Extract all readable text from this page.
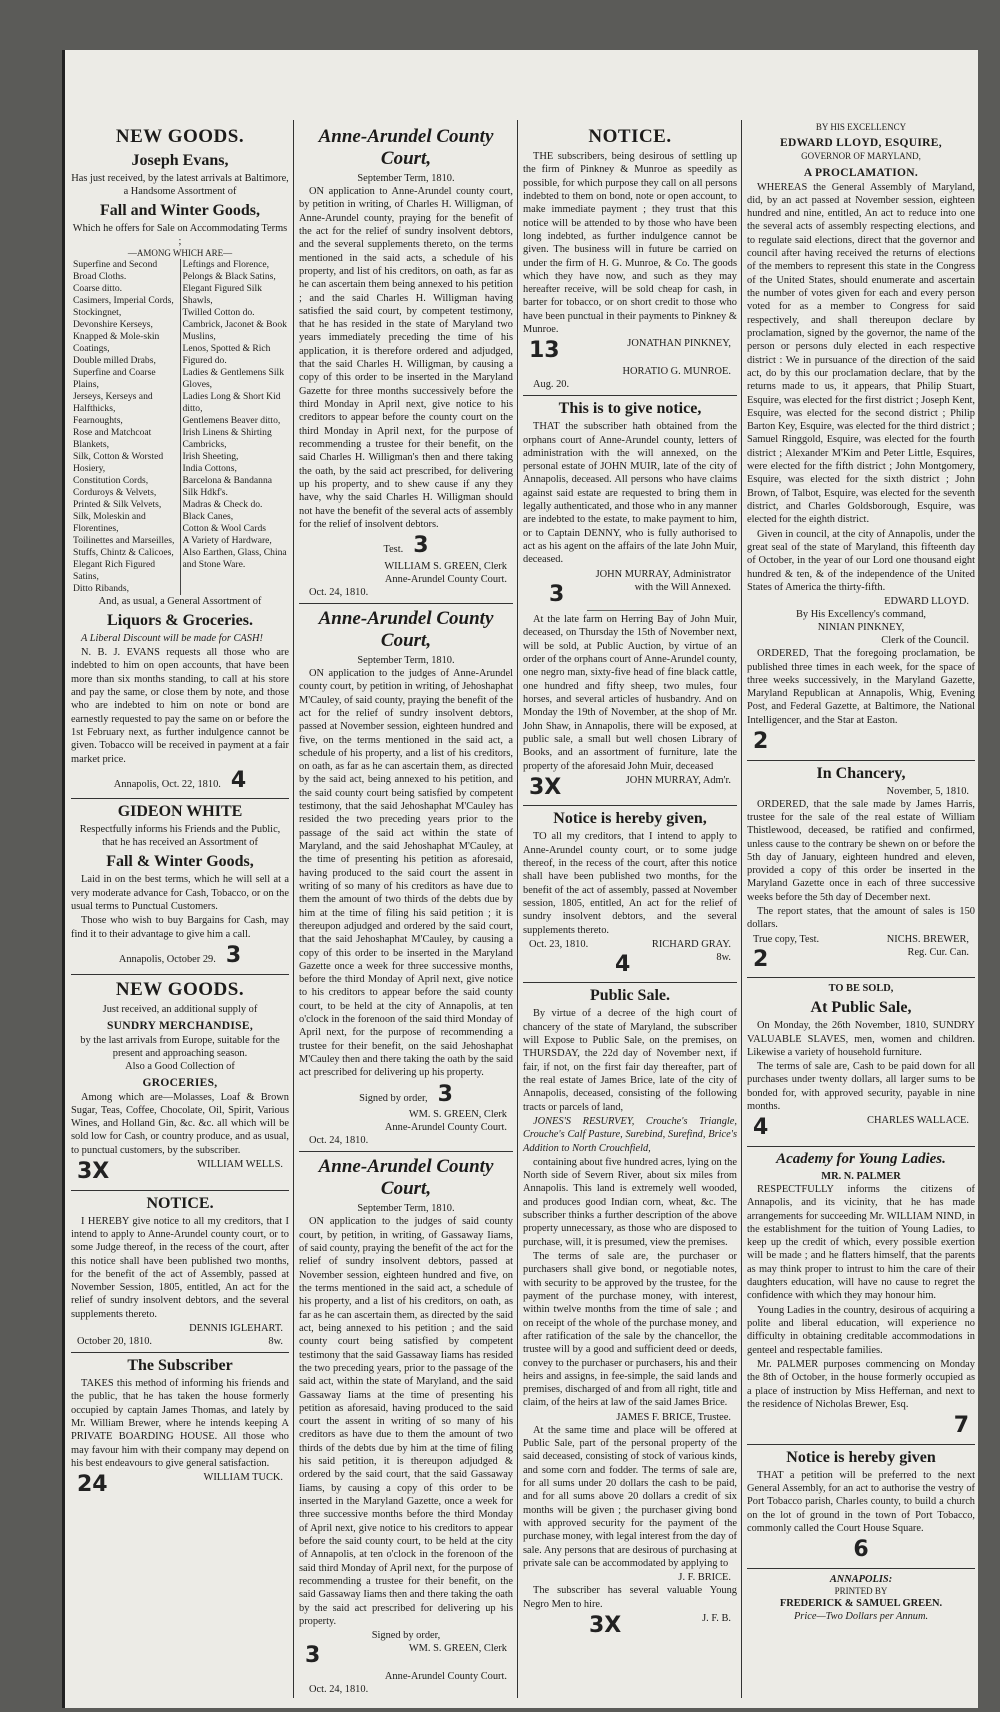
NEW GOODS.
Joseph Evans,

Has just received, by the latest arrivals at Baltimore, a Handsome Assortment of

Fall and Winter Goods,

Which he offers for Sale on Accommodating Terms ;

—AMONG WHICH ARE—

Superfine and Second Broad Cloths.
Coarse ditto.
Casimers, Imperial Cords, Stockingnet,
Devonshire Kerseys,
Knapped & Mole-skin Coatings,
Double milled Drabs,
Superfine and Coarse Plains,
Jerseys, Kerseys and Halfthicks,
Fearnoughts,
Rose and Matchcoat Blankets,
Silk, Cotton & Worsted Hosiery,
Constitution Cords,
Corduroys & Velvets,
Printed & Silk Velvets,
Silk, Moleskin and Florentines,
Toilinettes and Marseilles,
Stuffs, Chintz & Calicoes,
Elegant Rich Figured Satins,
Ditto Ribands,
Leftings and Florence,
Pelongs & Black Satins,
Elegant Figured Silk Shawls,
Twilled Cotton do.
Cambrick, Jaconet & Book Muslins,
Lenos, Spotted & Rich Figured do.
Ladies & Gentlemens Silk Gloves,
Ladies Long & Short Kid ditto,
Gentlemens Beaver ditto,
Irish Linens & Shirting Cambricks,
Irish Sheeting,
India Cottons,
Barcelona & Bandanna Silk Hdkf's.
Madras & Check do.
Black Canes,
Cotton & Wool Cards
A Variety of Hardware,
Also Earthen, Glass, China and Stone Ware.

And, as usual, a General Assortment of

Liquors & Groceries.

A Liberal Discount will be made for CASH!

N. B. J. EVANS requests all those who are indebted to him on open accounts, that have been more than six months standing, to call at his store and pay the same, or close them by note, and those who are indebted to him on note or bond are earnestly requested to pay the same on or before the 1st February next, as further indulgence cannot be given. Tobacco will be received in payment at a fair market price.

Annapolis, Oct. 22, 1810. 4

GIDEON WHITE

Respectfully informs his Friends and the Public, that he has received an Assortment of

Fall & Winter Goods,

Laid in on the best terms, which he will sell at a very moderate advance for Cash, Tobacco, or on the usual terms to Punctual Customers.

Those who wish to buy Bargains for Cash, may find it to their advantage to give him a call.

Annapolis, October 29. 3

NEW GOODS.

Just received, an additional supply of

SUNDRY MERCHANDISE,

by the last arrivals from Europe, suitable for the present and approaching season.

Also a Good Collection of

GROCERIES,

Among which are—Molasses, Loaf & Brown Sugar, Teas, Coffee, Chocolate, Oil, Spirit, Various Wines, and Holland Gin, &c. &c. all which will be sold low for Cash, or country produce, and as usual, to punctual customers, by the subscriber.

3X	WILLIAM WELLS.
NOTICE.

I HEREBY give notice to all my creditors, that I intend to apply to Anne-Arundel county court, or to some Judge thereof, in the recess of the court, after this notice shall have been published two months, for the benefit of the act of Assembly, passed at November Session, 1805, entitled, An act for the relief of sundry insolvent debtors, and the several supplements thereto.

DENNIS IGLEHART.

October 20, 1810.	8w.
The Subscriber

TAKES this method of informing his friends and the public, that he has taken the house formerly occupied by captain James Thomas, and lately by Mr. William Brewer, where he intends keeping A PRIVATE BOARDING HOUSE. All those who may favour him with their company may depend on his best endeavours to give general satisfaction.

24	WILLIAM TUCK.
Anne-Arundel County Court,

September Term, 1810.

ON application to Anne-Arundel county court, by petition in writing, of Charles H. Willigman, of Anne-Arundel county, praying for the benefit of the act for the relief of sundry insolvent debtors, and the several supplements thereto, on the terms mentioned in the said acts, a schedule of his property, and list of his creditors, on oath, as far as he can ascertain them being annexed to his petition ; and the said Charles H. Willigman having satisfied the said court, by competent testimony, that he has resided in the state of Maryland two years immediately preceding the time of his application, it is therefore ordered and adjudged, that the said Charles H. Willigman, by causing a copy of this order to be inserted in the Maryland Gazette for three months successively before the third Monday in April next, give notice to his creditors to appear before the county court on the third Monday in April next, for the purpose of recommending a trustee for their benefit, on the said Charles H. Willigman's then and there taking the oath, by the said act prescribed, for delivering up his property, and to shew cause if any they have, why the said Charles H. Willigman should not have the benefit of the several acts of assembly for the relief of insolvent debtors.

Test. 3

WILLIAM S. GREEN, Clerk

Anne-Arundel County Court.

Oct. 24, 1810.

Anne-Arundel County Court,

September Term, 1810.

ON application to the judges of Anne-Arundel county court, by petition in writing, of Jehoshaphat M'Cauley, of said county, praying the benefit of the act for the relief of sundry insolvent debtors, passed at November session, eighteen hundred and five, on the terms mentioned in the said act, a schedule of his property, and a list of his creditors, on oath, as far as he can ascertain them, as directed by the said act, being annexed to his petition, and the said county court being satisfied by competent testimony, that the said Jehoshaphat M'Cauley has resided the two preceding years prior to the passage of the said act within the state of Maryland, and the said Jehoshaphat M'Cauley, at the time of presenting his petition as aforesaid, having produced to the said court the assent in writing of so many of his creditors as have due to them the amount of two thirds of the debts due by him at the time of filing his said petition ; it is thereupon adjudged and ordered by the said court, that the said Jehoshaphat M'Cauley, by causing a copy of this order to be inserted in the Maryland Gazette once a week for three successive months, before the third Monday of April next, give notice to his creditors to appear before the said county court, to be held at the city of Annapolis, at ten o'clock in the forenoon of the said third Monday of April next, for the purpose of recommending a trustee for their benefit, on the said Jehoshaphat M'Cauley then and there taking the oath by the said act prescribed for delivering up his property.

Signed by order, 3

WM. S. GREEN, Clerk

Anne-Arundel County Court.

Oct. 24, 1810.

Anne-Arundel County Court,

September Term, 1810.

ON application to the judges of said county court, by petition, in writing, of Gassaway Iiams, of said county, praying the benefit of the act for the relief of sundry insolvent debtors, passed at November session, eighteen hundred and five, on the terms mentioned in the said act, a schedule of his property, and a list of his creditors, on oath, as far as he can ascertain them, as directed by the said act, being annexed to his petition ; and the said county court being satisfied by competent testimony that the said Gassaway Iiams has resided the two preceding years, prior to the passage of the said act, within the state of Maryland, and the said Gassaway Iiams at the time of presenting his petition as aforesaid, having produced to the said court the assent in writing of so many of his creditors as have due to them the amount of two thirds of the debts due by him at the time of filing his said petition, it is thereupon adjudged & ordered by the said court, that the said Gassaway Iiams, by causing a copy of this order to be inserted in the Maryland Gazette, once a week for three successive months before the third Monday of April next, give notice to his creditors to appear before the said county court, to be held at the city of Annapolis, at ten o'clock in the forenoon of the said third Monday of April next, for the purpose of recommending a trustee for their benefit, on the said Gassaway Iiams then and there taking the oath by the said act prescribed for delivering up his property.

Signed by order,

3	WM. S. GREEN, Clerk

Anne-Arundel County Court.

Oct. 24, 1810.

NOTICE.

THE subscribers, being desirous of settling up the firm of Pinkney & Munroe as speedily as possible, for which purpose they call on all persons indebted to them on bond, note or open account, to make immediate payment ; they trust that this notice will be attended to by those who have been long indebted, as further indulgence cannot be given. The business will in future be carried on under the firm of H. G. Munroe, & Co. The goods which they have now, and such as they may hereafter receive, will be sold cheap for cash, in barter for tobacco, or on short credit to those who have been punctual in their payments to Pinkney & Munroe.

13	JONATHAN PINKNEY,

HORATIO G. MUNROE.

Aug. 20.

This is to give notice,

THAT the subscriber hath obtained from the orphans court of Anne-Arundel county, letters of administration with the will annexed, on the personal estate of JOHN MUIR, late of the city of Annapolis, deceased. All persons who have claims against said estate are requested to bring them in legally authenticated, and those who in any manner are indebted to the estate, to make payment to him, or to Captain DENNY, who is fully authorised to act as his agent on the affairs of the late John Muir, deceased.

JOHN MURRAY, Administrator

3	with the Will Annexed.

At the late farm on Herring Bay of John Muir, deceased, on Thursday the 15th of November next, will be sold, at Public Auction, by virtue of an order of the orphans court of Anne-Arundel county, one negro man, sixty-five head of fine black cattle, one hundred and fifty sheep, two mules, four horses, and several articles of husbandry. And on Monday the 19th of November, at the shop of Mr. John Shaw, in Annapolis, there will be exposed, at public sale, a small but well chosen Library of Books, and an assortment of furniture, late the property of the aforesaid John Muir, deceased

3X	JOHN MURRAY, Adm'r.
Notice is hereby given,

TO all my creditors, that I intend to apply to Anne-Arundel county court, or to some judge thereof, in the recess of the court, after this notice shall have been published two months, for the benefit of the act of assembly, passed at November session, 1805, entitled, An act for the relief of sundry insolvent debtors, and the several supplements thereto.

Oct. 23, 1810.	RICHARD GRAY.
4	8w.
Public Sale.

By virtue of a decree of the high court of chancery of the state of Maryland, the subscriber will Expose to Public Sale, on the premises, on THURSDAY, the 22d day of November next, if fair, if not, on the first fair day thereafter, part of the real estate of James Brice, late of the city of Annapolis, deceased, consisting of the following tracts or parcels of land,

JONES'S RESURVEY, Crouche's Triangle, Crouche's Calf Pasture, Surebind, Surefind, Brice's Addition to North Crouchfield,

containing about five hundred acres, lying on the North side of Severn River, about six miles from Annapolis. This land is extremely well wooded, and produces good Indian corn, wheat, &c. The subscriber thinks a further description of the above property unnecessary, as those who are disposed to purchase, will, it is presumed, view the premises.

The terms of sale are, the purchaser or purchasers shall give bond, or negotiable notes, with security to be approved by the trustee, for the payment of the purchase money, with interest, within twelve months from the time of sale ; and on receipt of the whole of the purchase money, and after ratification of the sale by the chancellor, the trustee will by a good and sufficient deed or deeds, convey to the purchaser or purchasers, his and their heirs and assigns, in fee-simple, the said lands and premises, discharged of and from all right, title and claim, of the heirs at law of the said James Brice.

JAMES F. BRICE, Trustee.

At the same time and place will be offered at Public Sale, part of the personal property of the said deceased, consisting of stock of various kinds, and some corn and fodder. The terms of sale are, for all sums under 20 dollars the cash to be paid, and for all sums above 20 dollars a credit of six months will be given ; the purchaser giving bond with approved security for the payment of the purchase money, with legal interest from the day of sale. Any persons that are desirous of purchasing at private sale can be accommodated by applying to

J. F. BRICE.

The subscriber has several valuable Young Negro Men to hire.

3X	J. F. B.

BY HIS EXCELLENCY

EDWARD LLOYD, ESQUIRE,

GOVERNOR OF MARYLAND,

A PROCLAMATION.

WHEREAS the General Assembly of Maryland, did, by an act passed at November session, eighteen hundred and nine, entitled, An act to reduce into one the several acts of assembly respecting elections, and to regulate said elections, direct that the governor and council after having received the returns of elections of the members to represent this state in the Congress of the United States, should enumerate and ascertain the number of votes given for each and every person voted for as a member to Congress for said respectively, and shall thereupon declare by proclamation, signed by the governor, the name of the person or persons duly elected in each respective district : We in pursuance of the direction of the said act, do by this our proclamation declare, that by the returns made to us, it appears, that Philip Stuart, Esquire, was elected for the first district ; Joseph Kent, Esquire, was elected for the second district ; Philip Barton Key, Esquire, was elected for the third district ; Samuel Ringgold, Esquire, was elected for the fourth district ; Alexander M'Kim and Peter Little, Esquires, were elected for the fifth district ; John Montgomery, Esquire, was elected for the sixth district ; John Brown, of Talbot, Esquire, was elected for the seventh district, and Charles Goldsborough, Esquire, was elected for the eighth district.

Given in council, at the city of Annapolis, under the great seal of the state of Maryland, this fifteenth day of October, in the year of our Lord one thousand eight hundred & ten, & of the independence of the United States of America the thirty-fifth.

EDWARD LLOYD.

By His Excellency's command,

NINIAN PINKNEY,

Clerk of the Council.

ORDERED, That the foregoing proclamation, be published three times in each week, for the space of three weeks successively, in the Maryland Gazette, Maryland Republican at Annapolis, Whig, Evening Post, and Federal Gazette, at Baltimore, the National Intelligencer, and the Star at Easton.

2
In Chancery,

November, 5, 1810.

ORDERED, that the sale made by James Harris, trustee for the sale of the real estate of William Thistlewood, deceased, be ratified and confirmed, unless cause to the contrary be shewn on or before the 5th day of January, eighteen hundred and eleven, provided a copy of this order be inserted in the Maryland Gazette once in each of three successive weeks before the 5th day of December next.

The report states, that the amount of sales is 150 dollars.

True copy, Test.	NICHS. BREWER,
2	Reg. Cur. Can.

TO BE SOLD,

At Public Sale,

On Monday, the 26th November, 1810, SUNDRY VALUABLE SLAVES, men, women and children. Likewise a variety of household furniture.

The terms of sale are, Cash to be paid down for all purchases under twenty dollars, all larger sums to be bonded for, with approved security, payable in nine months.

4	CHARLES WALLACE.
Academy for Young Ladies.

MR. N. PALMER

RESPECTFULLY informs the citizens of Annapolis, and its vicinity, that he has made arrangements for succeeding Mr. WILLIAM NIND, in the establishment for the tuition of Young Ladies, to keep up the credit of which, every possible exertion will be made ; and he flatters himself, that the parents as may think proper to intrust to him the care of their daughters education, will have no cause to regret the confidence with which they may honour him.

Young Ladies in the country, desirous of acquiring a polite and liberal education, will experience no difficulty in obtaining creditable accommodations in genteel and respectable families.

Mr. PALMER purposes commencing on Monday the 8th of October, in the house formerly occupied as a place of instruction by Miss Heffernan, and next to the residence of Nicholas Brewer, Esq.

7
Notice is hereby given

THAT a petition will be preferred to the next General Assembly, for an act to authorise the vestry of Port Tobacco parish, Charles county, to build a church on the lot of ground in the town of Port Tobacco, commonly called the Court House Square.

6

ANNAPOLIS:

PRINTED BY

FREDERICK & SAMUEL GREEN.

Price—Two Dollars per Annum.
